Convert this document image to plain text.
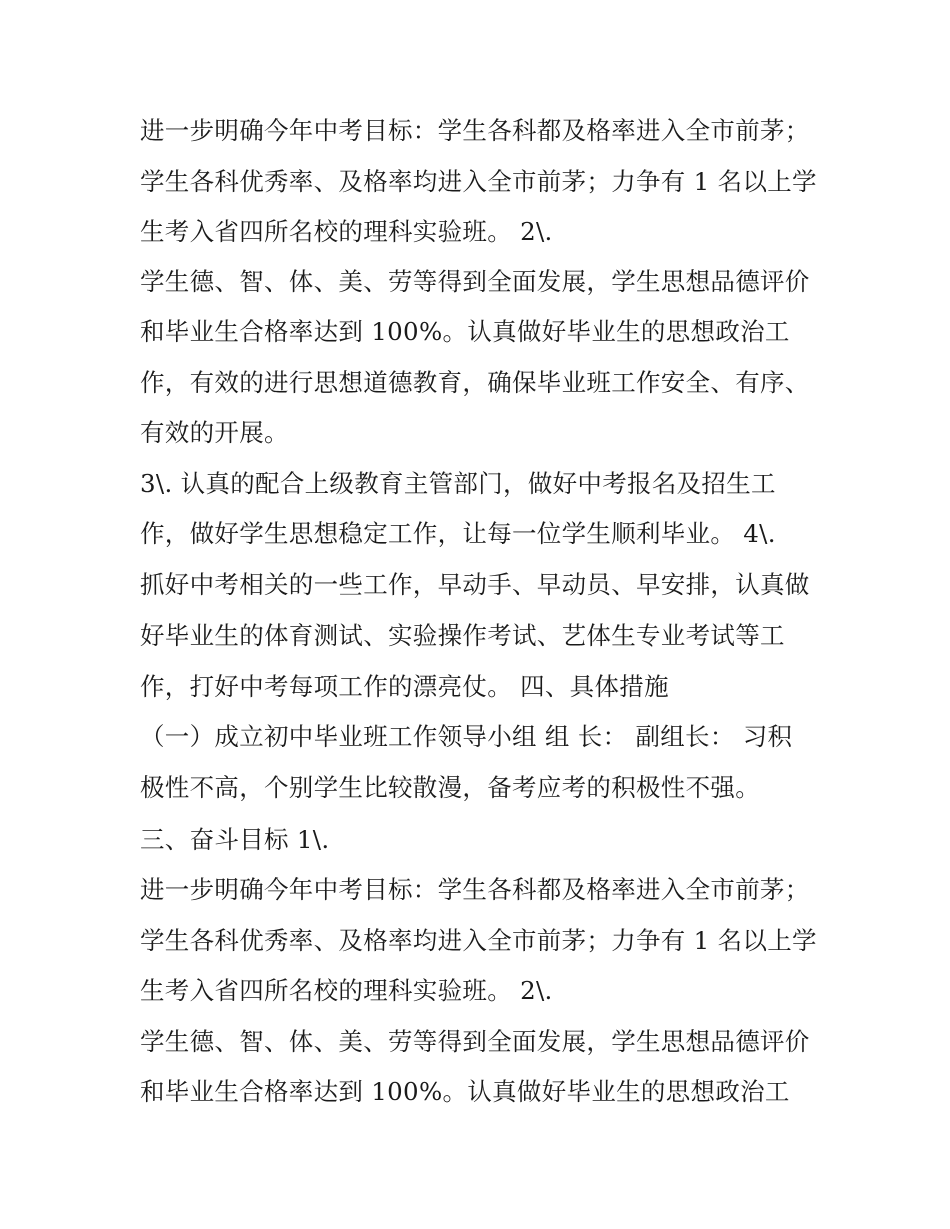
进一步明确今年中考目标：学生各科都及格率进入全市前茅；
学生各科优秀率、及格率均进入全市前茅；力争有 1 名以上学
生考入省四所名校的理科实验班。 2\.
学生德、智、体、美、劳等得到全面发展，学生思想品德评价
和毕业生合格率达到 100%。认真做好毕业生的思想政治工
作，有效的进行思想道德教育，确保毕业班工作安全、有序、
有效的开展。
3\. 认真的配合上级教育主管部门，做好中考报名及招生工
作，做好学生思想稳定工作，让每一位学生顺利毕业。 4\.
抓好中考相关的一些工作，早动手、早动员、早安排，认真做
好毕业生的体育测试、实验操作考试、艺体生专业考试等工
作，打好中考每项工作的漂亮仗。 四、具体措施
（一）成立初中毕业班工作领导小组 组 长： 副组长： 习积
极性不高，个别学生比较散漫，备考应考的积极性不强。
三、奋斗目标 1\.
进一步明确今年中考目标：学生各科都及格率进入全市前茅；
学生各科优秀率、及格率均进入全市前茅；力争有 1 名以上学
生考入省四所名校的理科实验班。 2\.
学生德、智、体、美、劳等得到全面发展，学生思想品德评价
和毕业生合格率达到 100%。认真做好毕业生的思想政治工
